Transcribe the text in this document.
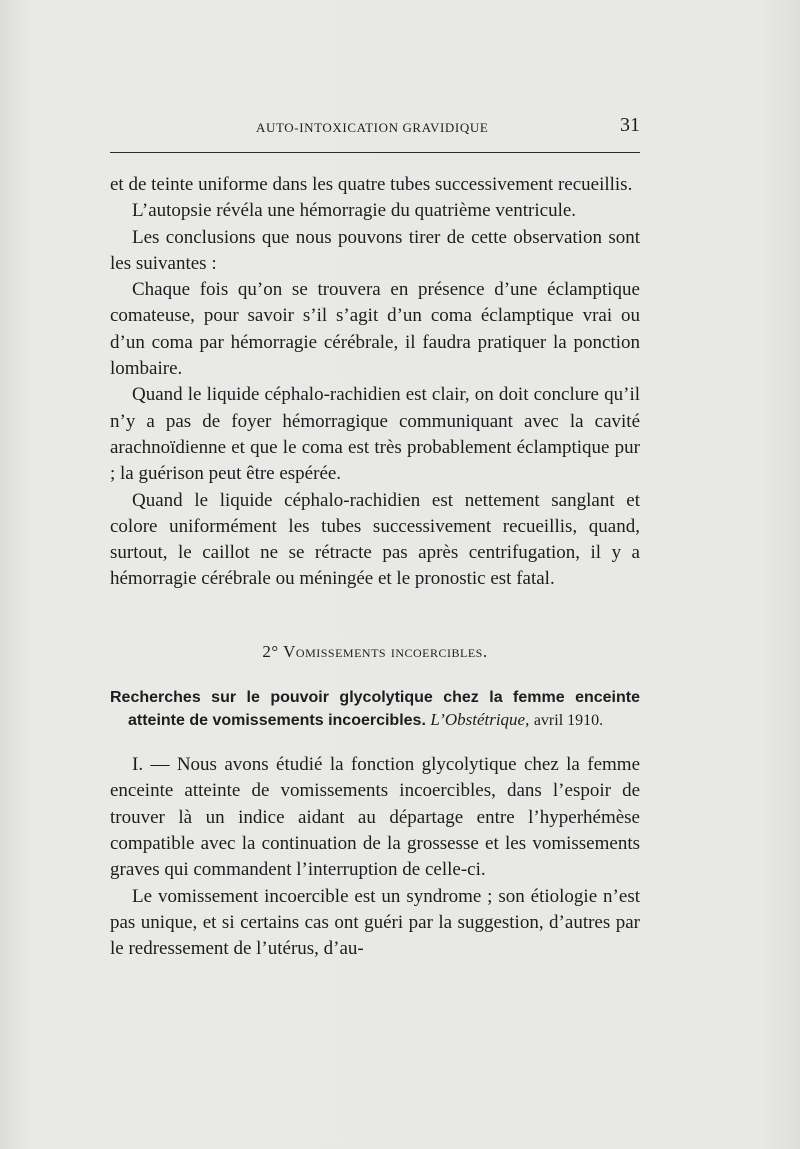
AUTO-INTOXICATION GRAVIDIQUE	31

et de teinte uniforme dans les quatre tubes successivement recueillis.

L’autopsie révéla une hémorragie du quatrième ventricule.

Les conclusions que nous pouvons tirer de cette observation sont les suivantes :

Chaque fois qu’on se trouvera en présence d’une éclamptique comateuse, pour savoir s’il s’agit d’un coma éclamptique vrai ou d’un coma par hémorragie cérébrale, il faudra pratiquer la ponction lombaire.

Quand le liquide céphalo-rachidien est clair, on doit conclure qu’il n’y a pas de foyer hémorragique communiquant avec la cavité arachnoïdienne et que le coma est très probablement éclamptique pur ; la guérison peut être espérée.

Quand le liquide céphalo-rachidien est nettement sanglant et colore uniformément les tubes successivement recueillis, quand, surtout, le caillot ne se rétracte pas après centrifugation, il y a hémorragie cérébrale ou méningée et le pronostic est fatal.

2° Vomissements incoercibles.

Recherches sur le pouvoir glycolytique chez la femme enceinte atteinte de vomissements incoercibles. L’Obstétrique, avril 1910.

I. — Nous avons étudié la fonction glycolytique chez la femme enceinte atteinte de vomissements incoercibles, dans l’espoir de trouver là un indice aidant au départage entre l’hyperhémèse compatible avec la continuation de la grossesse et les vomissements graves qui commandent l’interruption de celle-ci.

Le vomissement incoercible est un syndrome ; son étiologie n’est pas unique, et si certains cas ont guéri par la suggestion, d’autres par le redressement de l’utérus, d’au-
